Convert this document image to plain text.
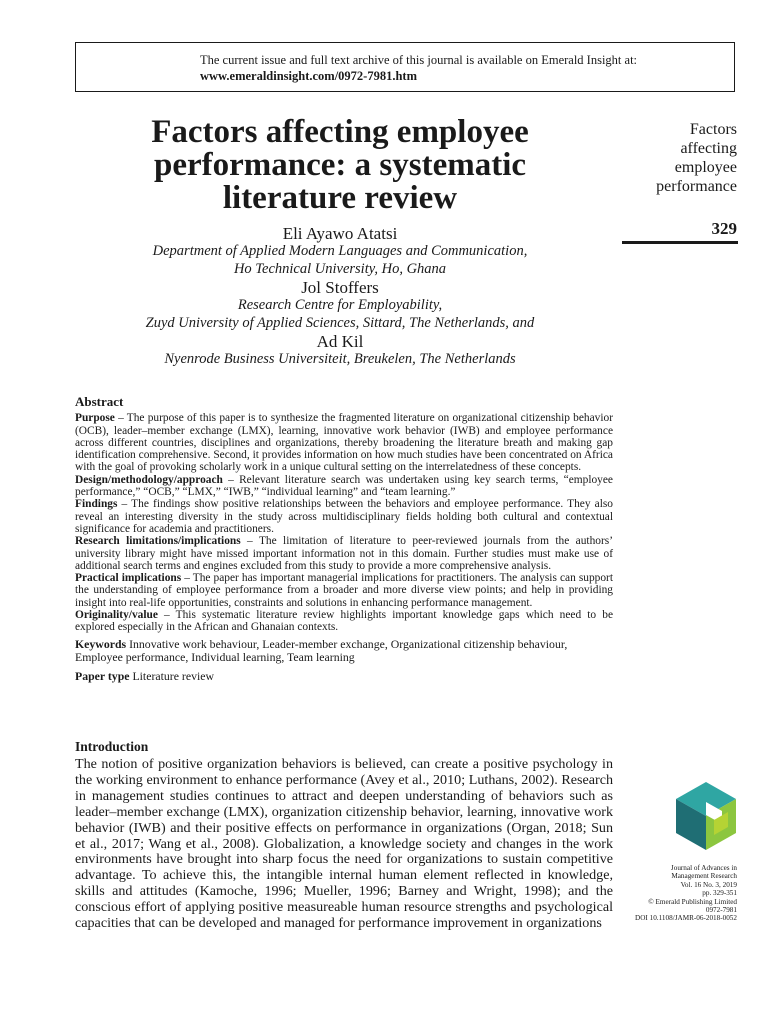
The current issue and full text archive of this journal is available on Emerald Insight at:
www.emeraldinsight.com/0972-7981.htm
Factors affecting employee
performance: a systematic
literature review
Factors
affecting
employee
performance
329
Eli Ayawo Atatsi
Department of Applied Modern Languages and Communication,
Ho Technical University, Ho, Ghana
Jol Stoffers
Research Centre for Employability,
Zuyd University of Applied Sciences, Sittard, The Netherlands, and
Ad Kil
Nyenrode Business Universiteit, Breukelen, The Netherlands
Abstract

Purpose – The purpose of this paper is to synthesize the fragmented literature on organizational citizenship behavior (OCB), leader–member exchange (LMX), learning, innovative work behavior (IWB) and employee performance across different countries, disciplines and organizations, thereby broadening the literature breath and making gap identification comprehensive. Second, it provides information on how much studies have been concentrated on Africa with the goal of provoking scholarly work in a unique cultural setting on the interrelatedness of these concepts.

Design/methodology/approach – Relevant literature search was undertaken using key search terms, “employee performance,” “OCB,” “LMX,” “IWB,” “individual learning” and “team learning.”

Findings – The findings show positive relationships between the behaviors and employee performance. They also reveal an interesting diversity in the study across multidisciplinary fields holding both cultural and contextual significance for academia and practitioners.

Research limitations/implications – The limitation of literature to peer-reviewed journals from the authors’ university library might have missed important information not in this domain. Further studies must make use of additional search terms and engines excluded from this study to provide a more comprehensive analysis.

Practical implications – The paper has important managerial implications for practitioners. The analysis can support the understanding of employee performance from a broader and more diverse view points; and help in providing insight into real-life opportunities, constraints and solutions in enhancing performance management.

Originality/value – This systematic literature review highlights important knowledge gaps which need to be explored especially in the African and Ghanaian contexts.

Keywords Innovative work behaviour, Leader-member exchange, Organizational citizenship behaviour, Employee performance, Individual learning, Team learning
Paper type Literature review
Introduction
The notion of positive organization behaviors is believed, can create a positive psychology in the working environment to enhance performance (Avey et al., 2010; Luthans, 2002). Research in management studies continues to attract and deepen understanding of behaviors such as leader–member exchange (LMX), organization citizenship behavior, learning, innovative work behavior (IWB) and their positive effects on performance in organizations (Organ, 2018; Sun et al., 2017; Wang et al., 2008). Globalization, a knowledge society and changes in the work environments have brought into sharp focus the need for organizations to sustain competitive advantage. To achieve this, the intangible internal human element reflected in knowledge, skills and attitudes (Kamoche, 1996; Mueller, 1996; Barney and Wright, 1998); and the conscious effort of applying positive measureable human resource strengths and psychological capacities that can be developed and managed for performance improvement in organizations
Journal of Advances in
Management Research
Vol. 16 No. 3, 2019
pp. 329-351
© Emerald Publishing Limited
0972-7981
DOI 10.1108/JAMR-06-2018-0052
